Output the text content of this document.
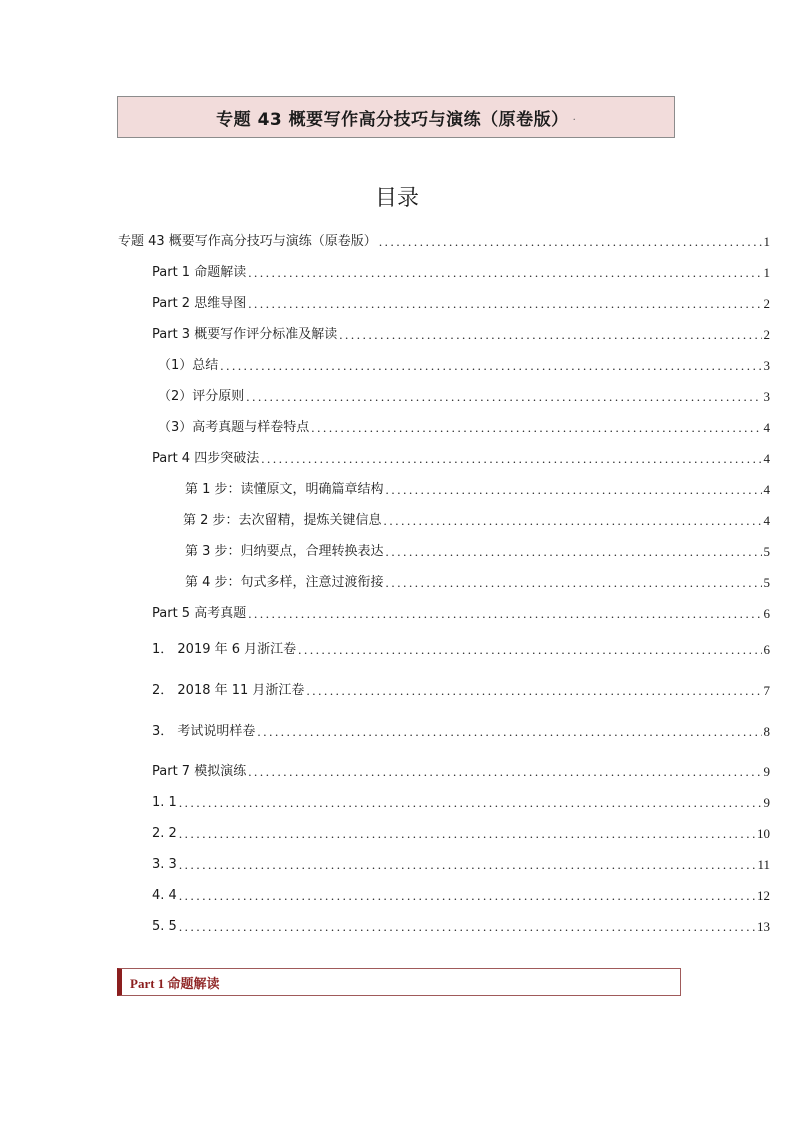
专题 43 概要写作高分技巧与演练（原卷版） .
目录
专题 43 概要写作高分技巧与演练（原卷版） .....	1
Part 1 命题解读 .....	1
Part 2 思维导图 .....	2
Part 3 概要写作评分标准及解读 .....	2
（1）总结 .....	3
（2）评分原则 .....	3
（3）高考真题与样卷特点 .....	4
Part 4 四步突破法 .....	4
第 1 步：读懂原文，明确篇章结构 .....	4
第 2 步：去次留精，提炼关键信息 .....	4
第 3 步：归纳要点，合理转换表达 .....	5
第 4 步：句式多样，注意过渡衔接 .....	5
Part 5 高考真题 .....	6
1． 2019 年 6 月浙江卷 .....	6
2． 2018 年 11 月浙江卷 .....	7
3． 考试说明样卷 .....	8
Part 7 模拟演练 .....	9
1. 1 .....	9
2. 2 .....	10
3. 3 .....	11
4. 4 .....	12
5. 5 .....	13
Part 1 命题解读
